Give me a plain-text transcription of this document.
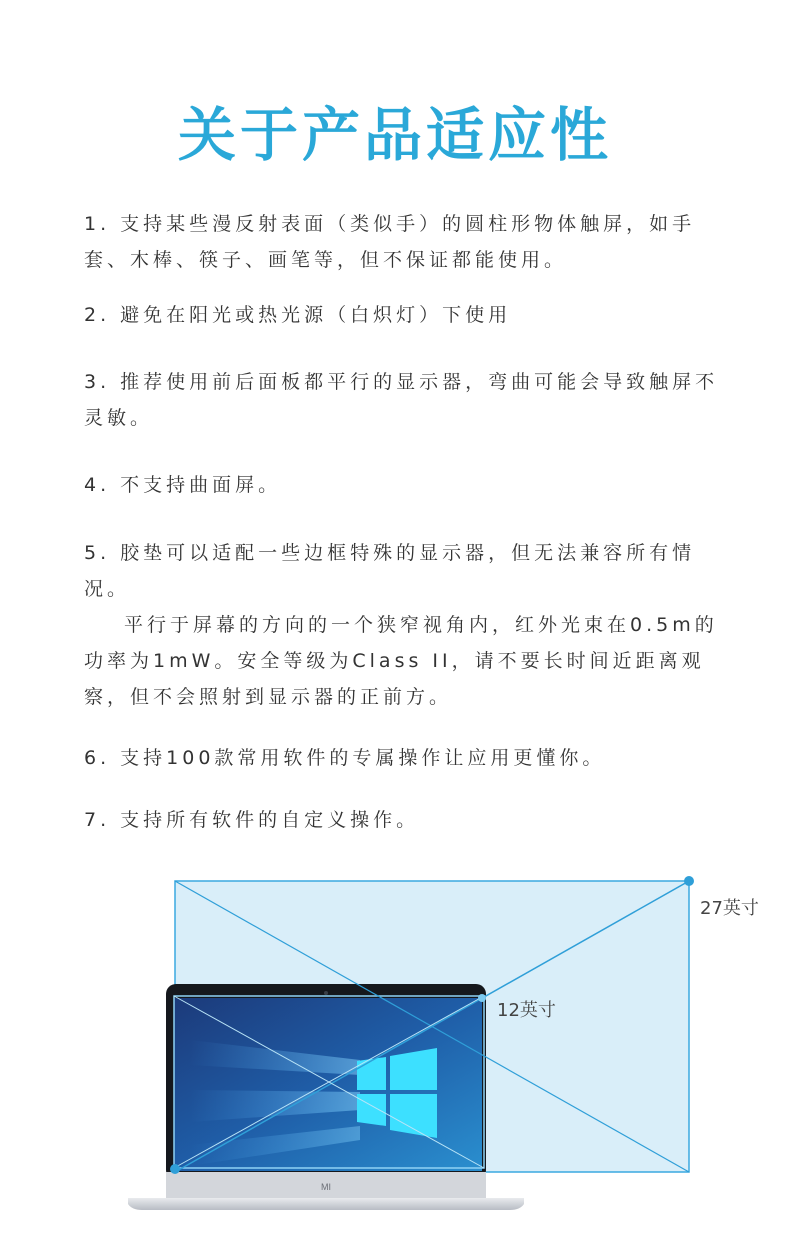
关于产品适应性

1. 支持某些漫反射表面（类似手）的圆柱形物体触屏，如手套、木棒、筷子、画笔等，但不保证都能使用。

2. 避免在阳光或热光源（白炽灯）下使用

3. 推荐使用前后面板都平行的显示器，弯曲可能会导致触屏不灵敏。

4. 不支持曲面屏。

5. 胶垫可以适配一些边框特殊的显示器，但无法兼容所有情况。

平行于屏幕的方向的一个狭窄视角内，红外光束在0.5m的功率为1mW。安全等级为Class II，请不要长时间近距离观察，但不会照射到显示器的正前方。

6. 支持100款常用软件的专属操作让应用更懂你。

7. 支持所有软件的自定义操作。

MI
27英寸
12英寸
